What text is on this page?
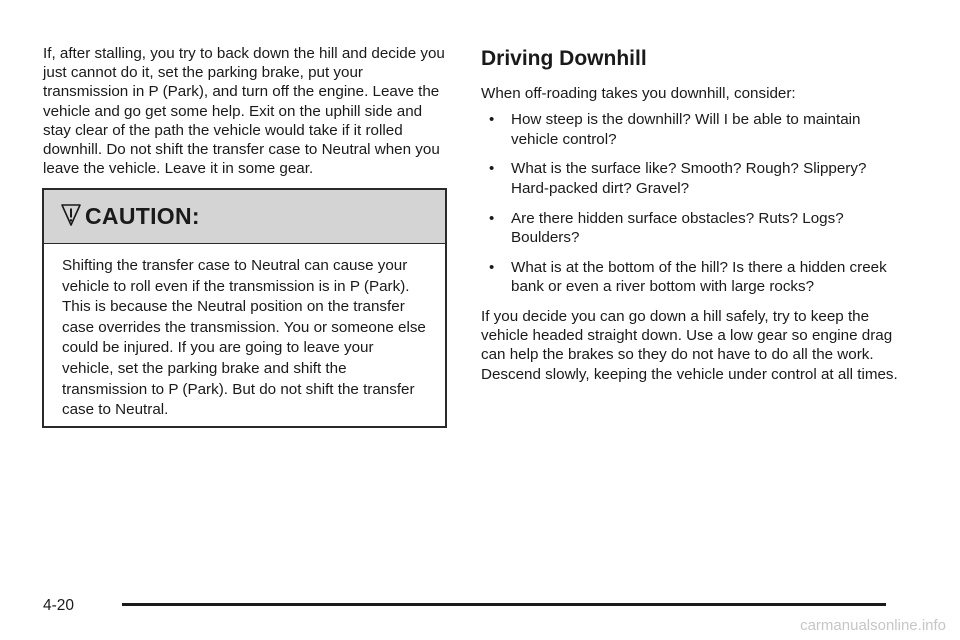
If, after stalling, you try to back down the hill and decide you just cannot do it, set the parking brake, put your transmission in P (Park), and turn off the engine. Leave the vehicle and go get some help. Exit on the uphill side and stay clear of the path the vehicle would take if it rolled downhill. Do not shift the transfer case to Neutral when you leave the vehicle. Leave it in some gear.

CAUTION:
Shifting the transfer case to Neutral can cause your vehicle to roll even if the transmission is in P (Park). This is because the Neutral position on the transfer case overrides the transmission. You or someone else could be injured. If you are going to leave your vehicle, set the parking brake and shift the transmission to P (Park). But do not shift the transfer case to Neutral.
Driving Downhill

When off-roading takes you downhill, consider:

• How steep is the downhill? Will I be able to maintain vehicle control?
• What is the surface like? Smooth? Rough? Slippery? Hard-packed dirt? Gravel?
• Are there hidden surface obstacles? Ruts? Logs? Boulders?
• What is at the bottom of the hill? Is there a hidden creek bank or even a river bottom with large rocks?

If you decide you can go down a hill safely, try to keep the vehicle headed straight down. Use a low gear so engine drag can help the brakes so they do not have to do all the work. Descend slowly, keeping the vehicle under control at all times.

4-20
carmanualsonline.info
